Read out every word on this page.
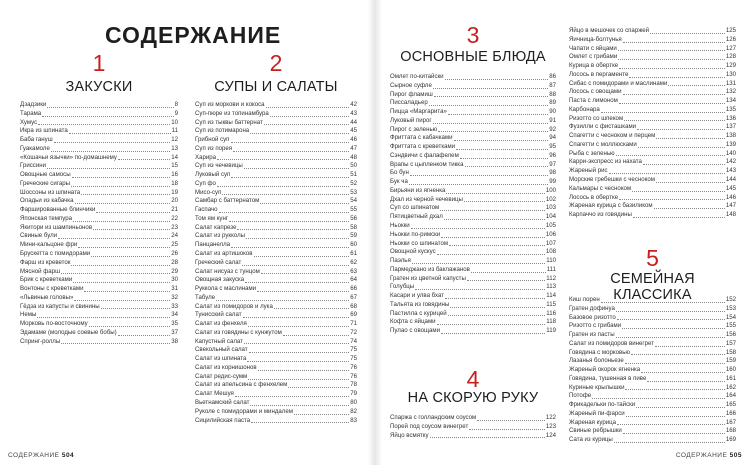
СОДЕРЖАНИЕ
1
ЗАКУСКИ
Дзадзики	8
Тарама	9
Хумус	10
Икра из шпината	11
Баба гануш	12
Гуакамоле	13
«Кошачьи язычки» по-домашнему	14
Гриссини	15
Овощные самосы	16
Греческие сигары	18
Шоссоны из шпината	19
Оладьи из кабачка	20
Фаршированные блинчики	21
Японская темпура	22
Якитори из шампиньонов	23
Свиные були	24
Мини-кальцоне фри	25
Брускетта с помидорами	26
Фарш из креветок	28
Мясной фарш	29
Брик с креветками	30
Вонтоны с креветками	31
«Львиные головы»	32
Гёдза из капусты и свинины	33
Немы	34
Морковь по-восточному	35
Эдамаме (молодые соевые бобы)	37
Спринг-роллы	38
2
СУПЫ И САЛАТЫ
Суп из моркови и кокоса	42
Суп-пюре из топинамбура	43
Суп из тыквы баттернат	44
Суп из потимарона	45
Грибной суп	46
Суп из порея	47
Харира	48
Суп из чечевицы	50
Луковый суп	51
Суп фо	52
Мисо-суп	53
Самбар с баттернатом	54
Гаспачо	55
Том ям кунг	56
Салат капрезе	58
Салат из рукколы	59
Панцанелла	60
Салат из артишоков	61
Греческий салат	62
Салат нисуаз с тунцом	63
Овощная закуска	64
Руккола с маслинами	66
Табуле	67
Салат из помидоров и лука	68
Тунисский салат	69
Салат из фенхеля	71
Салат из говядины с кунжутом	72
Капустный салат	74
Свекольный салат	75
Салат из шпината	75
Салат из корнишонов	76
Салат редис-сумм	76
Салат из апельсина с фенхелем	78
Салат Мешуя	79
Вьетнамский салат	80
Руколе с помидорами и миндалем	82
Сицилийская паста	83
СОДЕРЖАНИЕ 504
3
ОСНОВНЫЕ БЛЮДА
Омлет по-китайски	86
Сырное суфле	87
Пирог фламиш	88
Писсаладьер	89
Пицца «Маргарита»	90
Луковый пирог	91
Пирог с зеленью	92
Фриттата с кабачками	94
Фриттата с креветками	95
Сэндвичи с фалафелем	96
Врапы с цыпленком тикка	97
Бо бун	98
Бук ча	99
Бирьяни из ягненка	100
Дхал из черной чечевицы	102
Суп со шпинатом	103
Пятицветный дхал	104
Ньокки	105
Ньокки по-римски	106
Ньокки со шпинатом	107
Овощной кускус	108
Паэлья	110
Пармеджано из баклажанов	111
Гратен из цветной капусты	112
Голубцы	113
Касари и улва бхат	114
Тальята из говядины	115
Пастилла с курицей	116
Кофта с яйцами	118
Пулао с овощами	119
4
НА СКОРУЮ РУКУ
Спаржа с голландским соусом	122
Порей под соусом винегрет	123
Яйцо всмятку	124
Яйцо в мешочек со спаржей	125
Яичница-болтунья	126
Чапати с яйцами	127
Омлет с грибами	128
Курица в обертке	129
Лосось в пергаменте	130
Сибас с помидорами и маслинами	131
Лосось с овощами	132
Паста с лимоном	134
Карбонара	135
Ризотто со шпеком	136
Фузилли с фисташками	137
Спагетти с чесноком и перцем	138
Спагетти с моллюсками	139
Рыба с зеленью	140
Карри-экспресс из нахата	142
Жареный рис	143
Морские гребешки с чесноком	144
Кальмары с чесноком	145
Лосось в обертке	146
Жареная курица с базиликом	147
Карпаччо из говядины	148
5
СЕМЕЙНАЯ КЛАССИКА
Киш лорен	152
Гратен дофинуа	153
Базовое ризотто	154
Ризотто с грибами	155
Гратен из пасты	156
Салат из помидоров винегрет	157
Говядина с морковью	158
Лазанья болоньезе	159
Жареный окорок ягненка	160
Говядина, тушенная в пиве	161
Куриные крылышки	162
Потофе	164
Фрикадельки по-тайски	165
Жареный пи-фарси	166
Жареная курица	167
Свиные ребрышки	168
Сата из курицы	169
СОДЕРЖАНИЕ 505
